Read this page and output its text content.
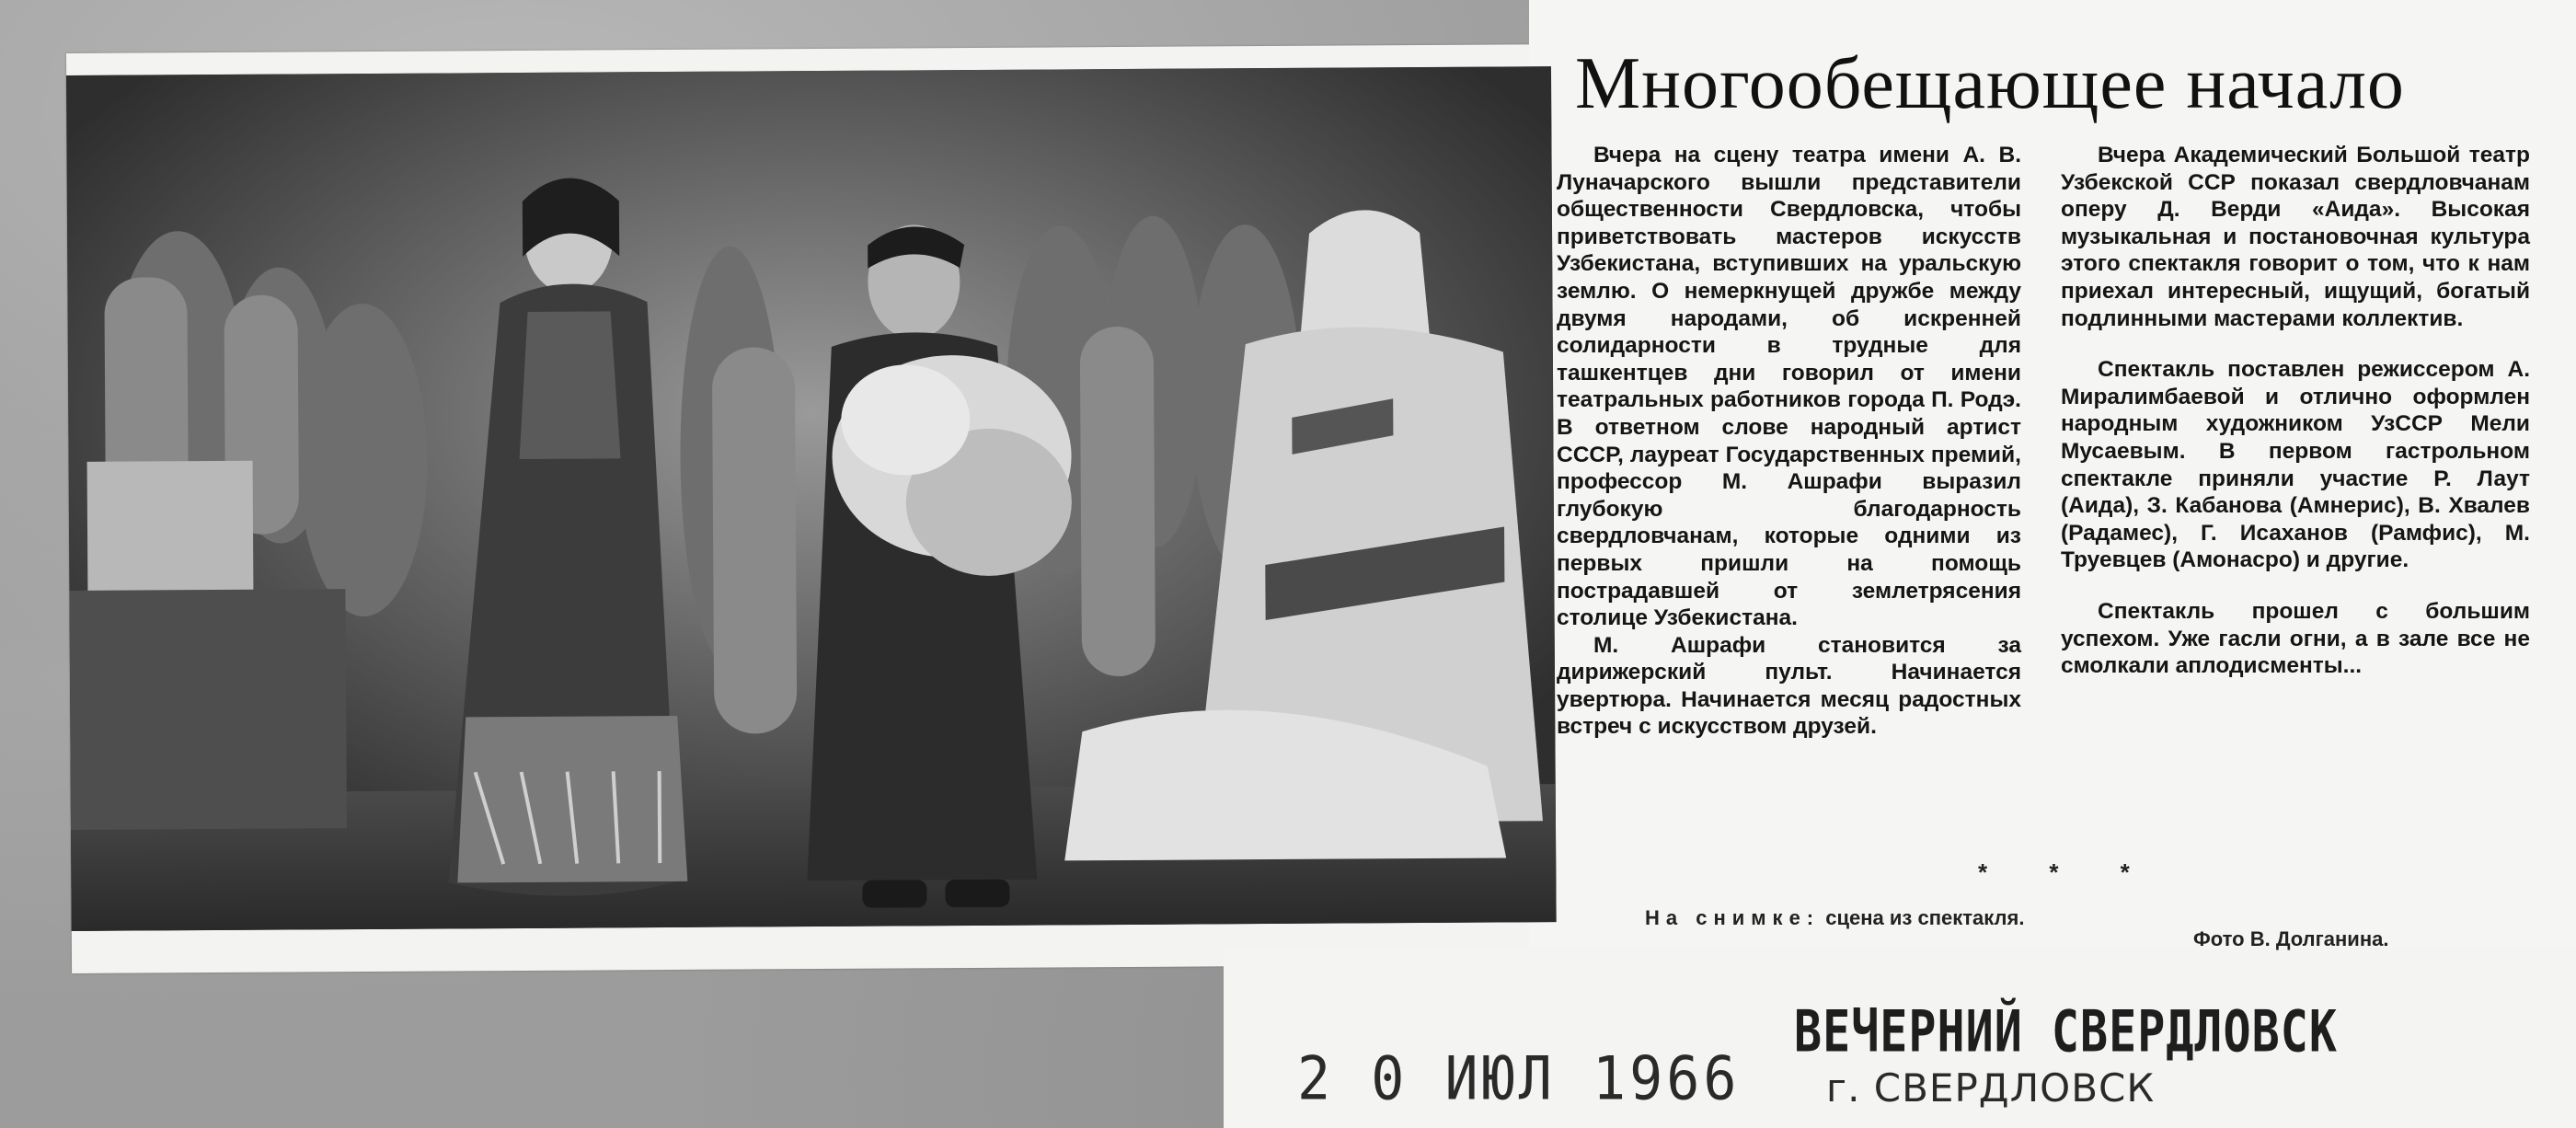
Многообещающее начало

Вчера на сцену театра имени А. В. Луначарского вышли представители общественности Свердловска, чтобы приветствовать мастеров искусств Узбекистана, вступивших на уральскую землю. О немеркнущей дружбе между двумя народами, об искренней солидарности в трудные для ташкентцев дни говорил от имени театральных работников города П. Родэ. В ответном слове народный артист СССР, лауреат Государственных премий, профессор М. Ашрафи выразил глубокую благодарность свердловчанам, которые одними из первых пришли на помощь пострадавшей от землетрясения столице Узбекистана.

М. Ашрафи становится за дирижерский пульт. Начинается увертюра. Начинается месяц радостных встреч с искусством друзей.

Вчера Академический Большой театр Узбекской ССР показал свердловчанам оперу Д. Верди «Аида». Высокая музыкальная и постановочная культура этого спектакля говорит о том, что к нам приехал интересный, ищущий, богатый подлинными мастерами коллектив.

Спектакль поставлен режиссером А. Миралимбаевой и отлично оформлен народным художником УзССР Мели Мусаевым. В первом гастрольном спектакле приняли участие Р. Лаут (Аида), З. Кабанова (Амнерис), В. Хвалев (Радамес), Г. Исаханов (Рамфис), М. Труевцев (Амонасро) и другие.

Спектакль прошел с большим успехом. Уже гасли огни, а в зале все не смолкали аплодисменты...

* * *
На снимке: сцена из спектакля.
Фото В. Долганина.
2 0 ИЮЛ 1966
ВЕЧЕРНИЙ СВЕРДЛОВСК
г. СВЕРДЛОВСК
